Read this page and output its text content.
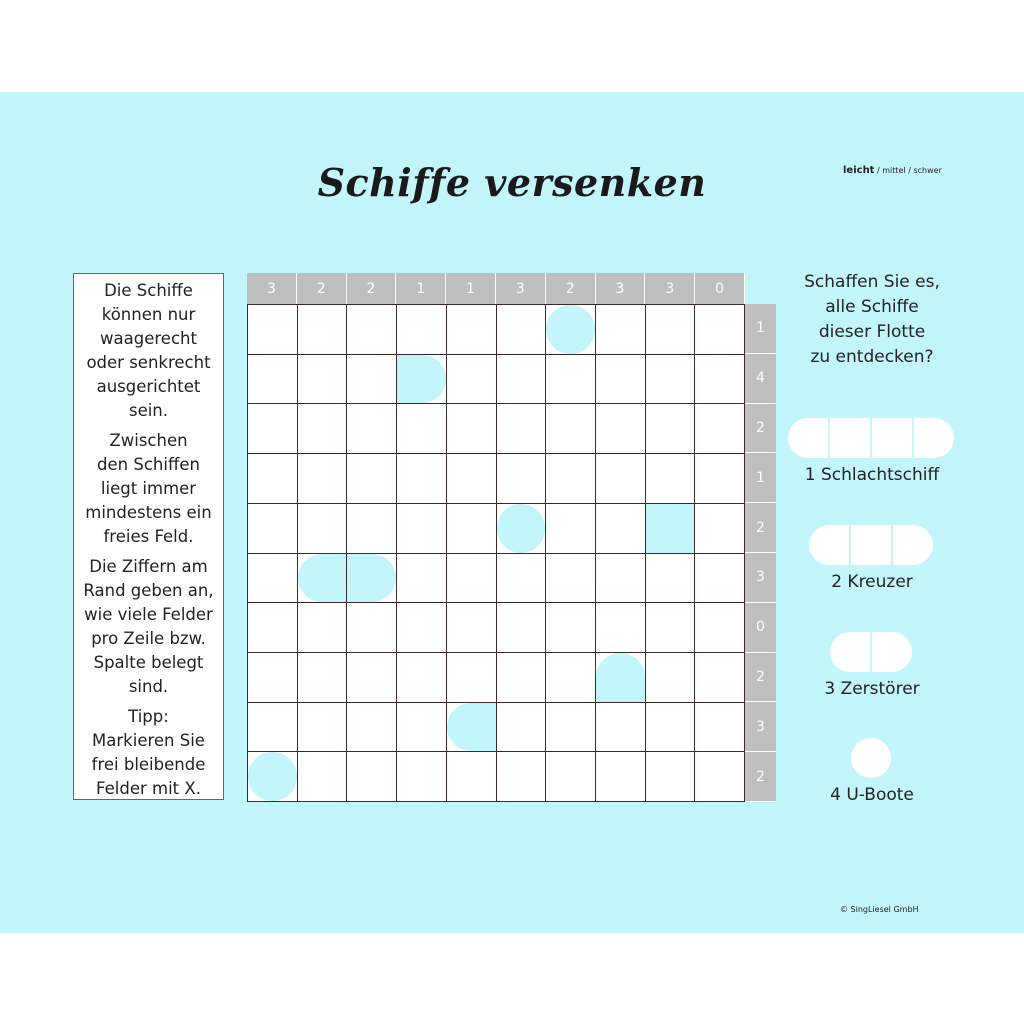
Schiffe versenken	leicht / mittel / schwer
Die Schiffe
können nur
waagerecht
oder senkrecht
ausgerichtet
sein.
Zwischen
den Schiffen
liegt immer
mindestens ein
freies Feld.
Die Ziffern am
Rand geben an,
wie viele Felder
pro Zeile bzw.
Spalte belegt
sind.
Tipp:
Markieren Sie
frei bleibende
Felder mit X.
3	2	2	1	1	3	2	3	3	0
1
4
2
1
2
3
0
2
3
2
Schaffen Sie es,
alle Schiffe
dieser Flotte
zu entdecken?
1 Schlachtschiff
2 Kreuzer
3 Zerstörer
4 U-Boote
© SingLiesel GmbH
